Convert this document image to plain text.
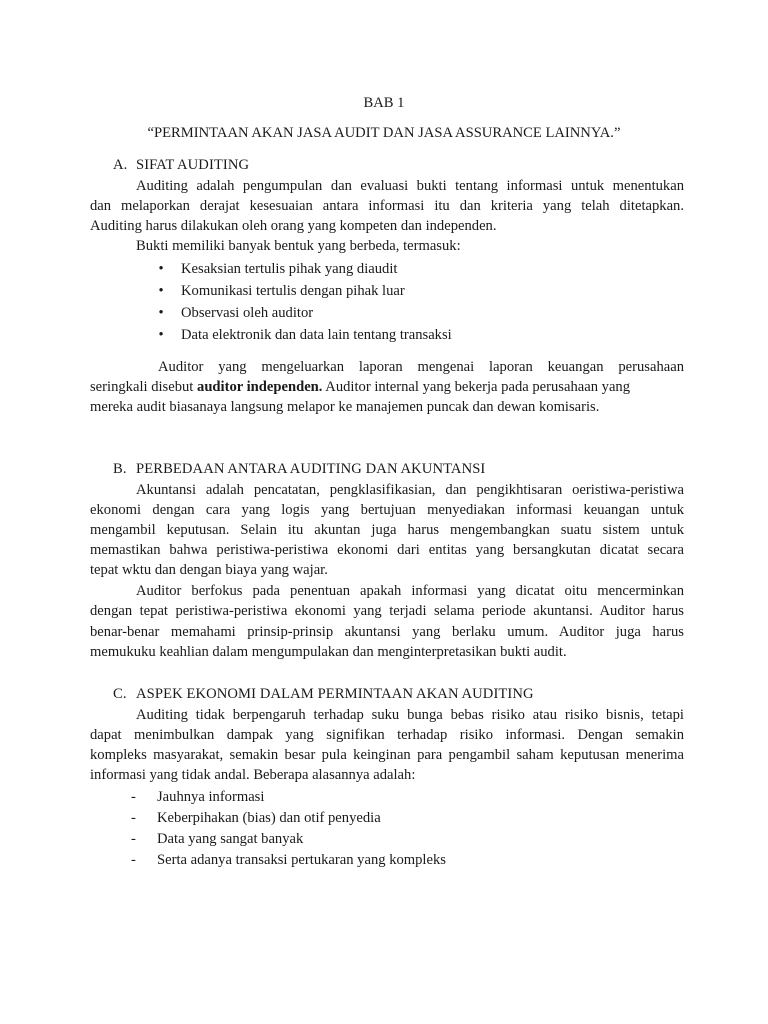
BAB 1
“PERMINTAAN AKAN JASA AUDIT DAN JASA ASSURANCE LAINNYA.”
A. SIFAT AUDITING
Auditing adalah pengumpulan dan evaluasi bukti tentang informasi untuk menentukan
dan melaporkan derajat kesesuaian antara informasi itu dan kriteria yang telah ditetapkan.
Auditing harus dilakukan oleh orang yang kompeten dan independen.
Bukti memiliki banyak bentuk yang berbeda, termasuk:
• Kesaksian tertulis pihak yang diaudit
• Komunikasi tertulis dengan pihak luar
• Observasi oleh auditor
• Data elektronik dan data lain tentang transaksi
Auditor yang mengeluarkan laporan mengenai laporan keuangan perusahaan
seringkali disebut auditor independen. Auditor internal yang bekerja pada perusahaan yang
mereka audit biasanaya langsung melapor ke manajemen puncak dan dewan komisaris.
B. PERBEDAAN ANTARA AUDITING DAN AKUNTANSI
Akuntansi adalah pencatatan, pengklasifikasian, dan pengikhtisaran oeristiwa-peristiwa
ekonomi dengan cara yang logis yang bertujuan menyediakan informasi keuangan untuk
mengambil keputusan. Selain itu akuntan juga harus mengembangkan suatu sistem untuk
memastikan bahwa peristiwa-peristiwa ekonomi dari entitas yang bersangkutan dicatat secara
tepat wktu dan dengan biaya yang wajar.
Auditor berfokus pada penentuan apakah informasi yang dicatat oitu mencerminkan
dengan tepat peristiwa-peristiwa ekonomi yang terjadi selama periode akuntansi. Auditor harus
benar-benar memahami prinsip-prinsip akuntansi yang berlaku umum. Auditor juga harus
memukuku keahlian dalam mengumpulakan dan menginterpretasikan bukti audit.
C. ASPEK EKONOMI DALAM PERMINTAAN AKAN AUDITING
Auditing tidak berpengaruh terhadap suku bunga bebas risiko atau risiko bisnis, tetapi
dapat menimbulkan dampak yang signifikan terhadap risiko informasi. Dengan semakin
kompleks masyarakat, semakin besar pula keinginan para pengambil saham keputusan menerima
informasi yang tidak andal. Beberapa alasannya adalah:
- Jauhnya informasi
- Keberpihakan (bias) dan otif penyedia
- Data yang sangat banyak
- Serta adanya transaksi pertukaran yang kompleks
